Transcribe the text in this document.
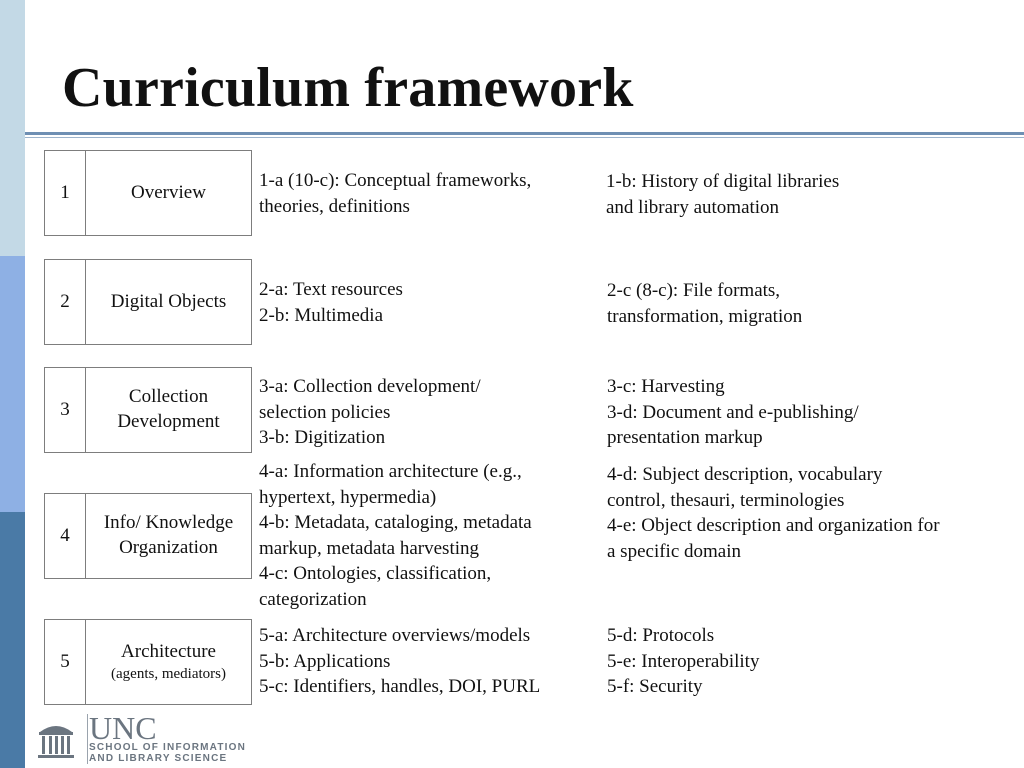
Curriculum framework
1	Overview
1-a (10-c): Conceptual frameworks,
theories, definitions
1-b: History of digital libraries
and library automation
2 Digital Objects
2-a: Text resources
2-b: Multimedia
2-c (8-c): File formats,
transformation, migration
3
Collection
Development
3-a: Collection development/
selection policies
3-b: Digitization
3-c: Harvesting
3-d: Document and e-publishing/
presentation markup
4
Info/ Knowledge
Organization
4-a: Information architecture (e.g.,
hypertext, hypermedia)
4-b: Metadata, cataloging, metadata
markup, metadata harvesting
4-c: Ontologies, classification,
categorization
4-d: Subject description, vocabulary
control, thesauri, terminologies
4-e: Object description and organization for
a specific domain
5	Architecture
(agents, mediators)
5-a: Architecture overviews/models
5-b: Applications
5-c: Identifiers, handles, DOI, PURL
5-d: Protocols
5-e: Interoperability
5-f: Security
UNC
SCHOOL OF INFORMATION
AND LIBRARY SCIENCE
